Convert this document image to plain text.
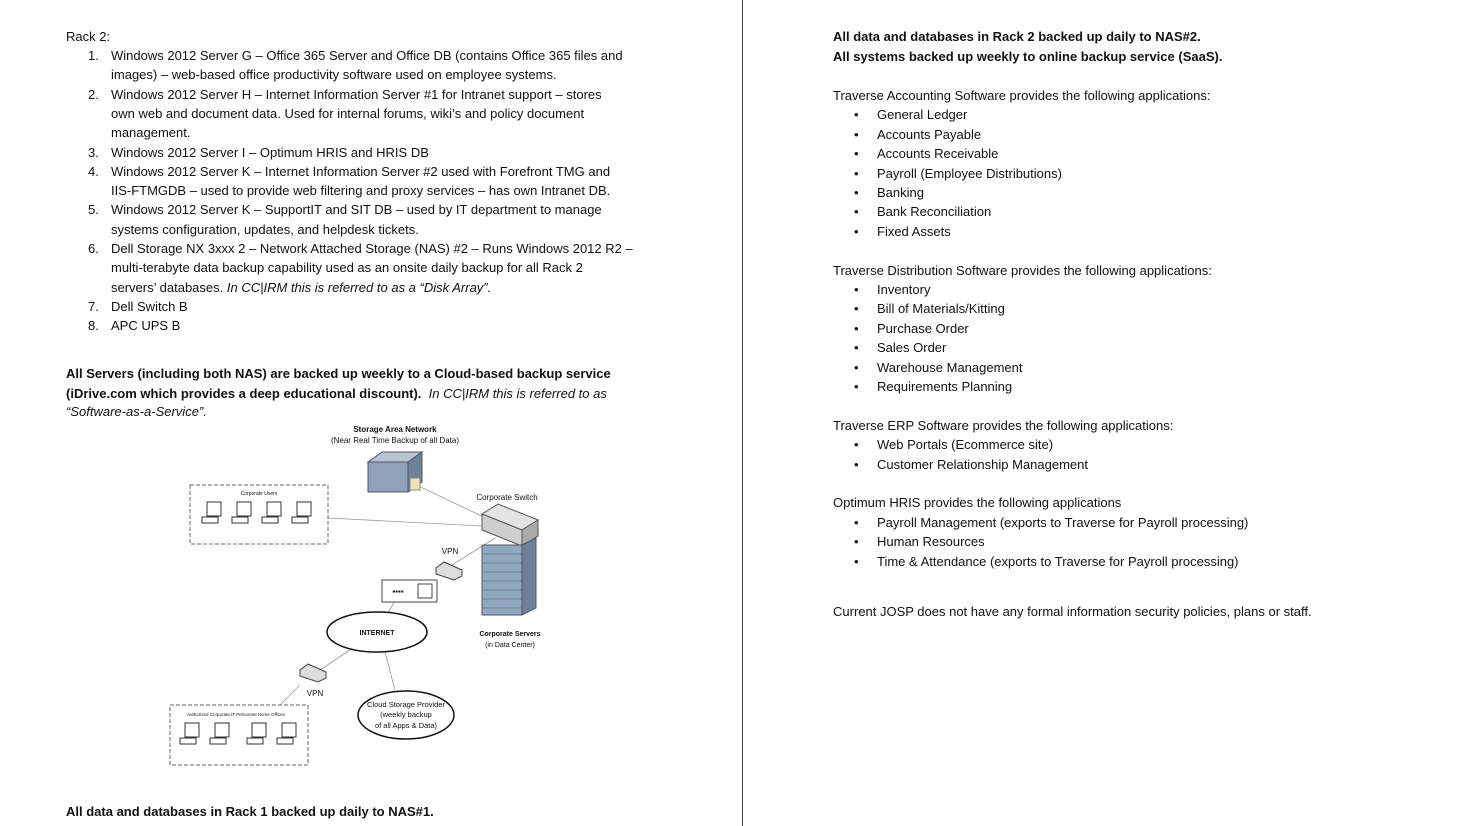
Rack 2:
1. Windows 2012 Server G – Office 365 Server and Office DB (contains Office 365 files and
images) – web-based office productivity software used on employee systems.
2. Windows 2012 Server H – Internet Information Server #1 for Intranet support – stores
own web and document data. Used for internal forums, wiki’s and policy document
management.
3. Windows 2012 Server I – Optimum HRIS and HRIS DB
4. Windows 2012 Server K – Internet Information Server #2 used with Forefront TMG and
IIS-FTMGDB – used to provide web filtering and proxy services – has own Intranet DB.
5. Windows 2012 Server K – SupportIT and SIT DB – used by IT department to manage
systems configuration, updates, and helpdesk tickets.
6. Dell Storage NX 3xxx 2 – Network Attached Storage (NAS) #2 – Runs Windows 2012 R2 –
multi-terabyte data backup capability used as an onsite daily backup for all Rack 2
servers’ databases. In CC|IRM this is referred to as a “Disk Array”.
7. Dell Switch B
8. APC UPS B
All Servers (including both NAS) are backed up weekly to a Cloud-based backup service
(iDrive.com which provides a deep educational discount). In CC|IRM this is referred to as
“Software-as-a-Service”.
Storage Area Network
(Near Real Time Backup of all Data)
Corporate Users	Corporate Switch
VPN
▪▪▪▪
INTERNET	Corporate Servers
(in Data Center)
VPN
Cloud Storage Provider
(weekly backup
of all Apps & Data)
Authorized Corporate IT Personnel Home Offices
All data and databases in Rack 1 backed up daily to NAS#1.
All data and databases in Rack 2 backed up daily to NAS#2.
All systems backed up weekly to online backup service (SaaS).
Traverse Accounting Software provides the following applications:
• General Ledger
• Accounts Payable
• Accounts Receivable
• Payroll (Employee Distributions)
• Banking
• Bank Reconciliation
• Fixed Assets
Traverse Distribution Software provides the following applications:
• Inventory
• Bill of Materials/Kitting
• Purchase Order
• Sales Order
• Warehouse Management
• Requirements Planning
Traverse ERP Software provides the following applications:
• Web Portals (Ecommerce site)
• Customer Relationship Management
Optimum HRIS provides the following applications
• Payroll Management (exports to Traverse for Payroll processing)
• Human Resources
• Time & Attendance (exports to Traverse for Payroll processing)
Current JOSP does not have any formal information security policies, plans or staff.
